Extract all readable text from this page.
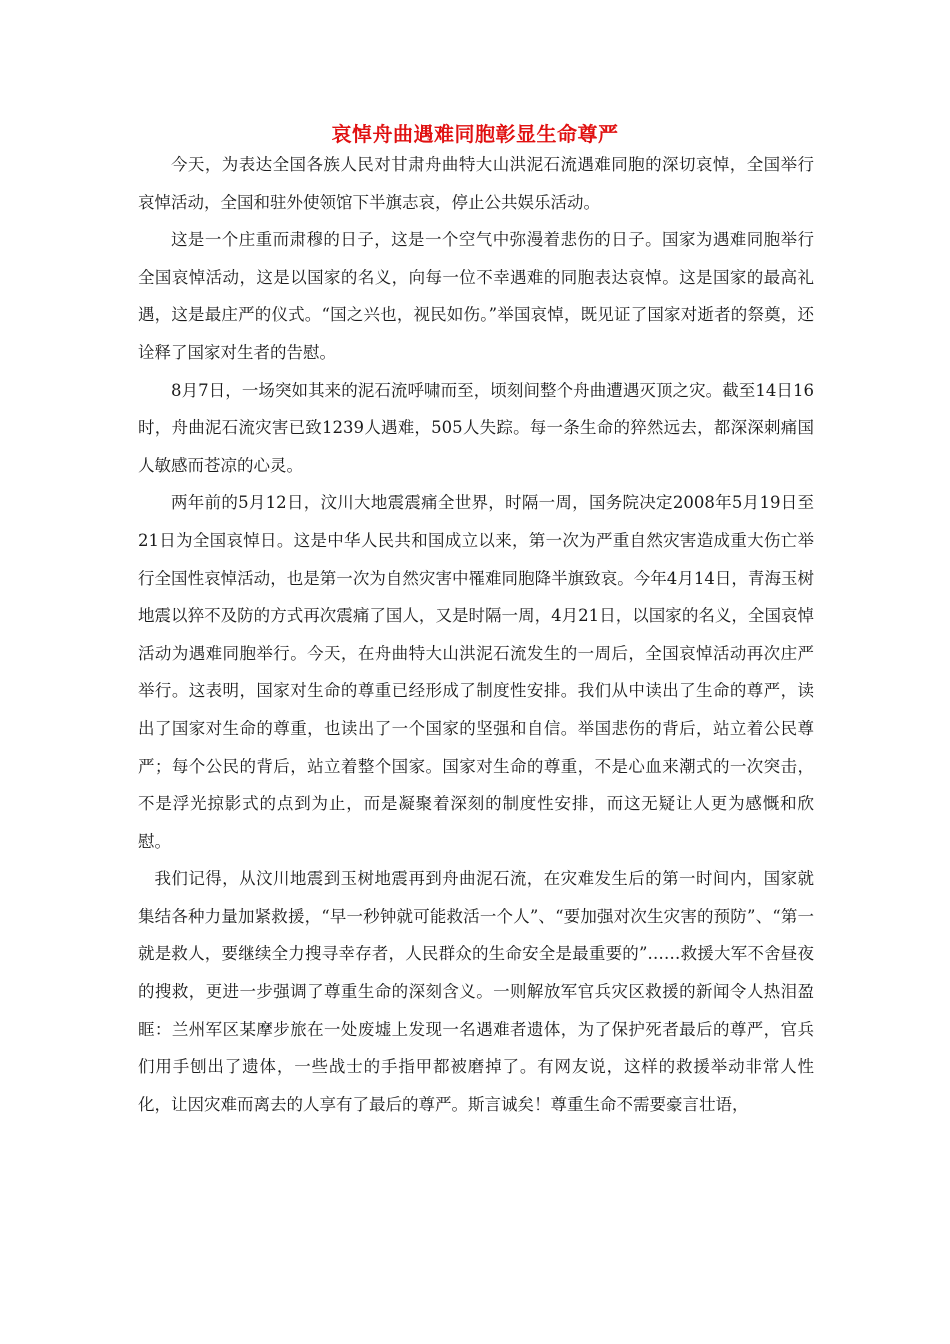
哀悼舟曲遇难同胞彰显生命尊严

今天，为表达全国各族人民对甘肃舟曲特大山洪泥石流遇难同胞的深切哀悼，全国举行哀悼活动，全国和驻外使领馆下半旗志哀，停止公共娱乐活动。

这是一个庄重而肃穆的日子，这是一个空气中弥漫着悲伤的日子。国家为遇难同胞举行全国哀悼活动，这是以国家的名义，向每一位不幸遇难的同胞表达哀悼。这是国家的最高礼遇，这是最庄严的仪式。“国之兴也，视民如伤。”举国哀悼，既见证了国家对逝者的祭奠，还诠释了国家对生者的告慰。

8月7日，一场突如其来的泥石流呼啸而至，顷刻间整个舟曲遭遇灭顶之灾。截至14日16时，舟曲泥石流灾害已致1239人遇难，505人失踪。每一条生命的猝然远去，都深深刺痛国人敏感而苍凉的心灵。

两年前的5月12日，汶川大地震震痛全世界，时隔一周，国务院决定2008年5月19日至21日为全国哀悼日。这是中华人民共和国成立以来，第一次为严重自然灾害造成重大伤亡举行全国性哀悼活动，也是第一次为自然灾害中罹难同胞降半旗致哀。今年4月14日，青海玉树地震以猝不及防的方式再次震痛了国人，又是时隔一周，4月21日，以国家的名义，全国哀悼活动为遇难同胞举行。今天，在舟曲特大山洪泥石流发生的一周后，全国哀悼活动再次庄严举行。这表明，国家对生命的尊重已经形成了制度性安排。我们从中读出了生命的尊严，读出了国家对生命的尊重，也读出了一个国家的坚强和自信。举国悲伤的背后，站立着公民尊严；每个公民的背后，站立着整个国家。国家对生命的尊重，不是心血来潮式的一次突击，不是浮光掠影式的点到为止，而是凝聚着深刻的制度性安排，而这无疑让人更为感慨和欣慰。

我们记得，从汶川地震到玉树地震再到舟曲泥石流，在灾难发生后的第一时间内，国家就集结各种力量加紧救援，“早一秒钟就可能救活一个人”、“要加强对次生灾害的预防”、“第一就是救人，要继续全力搜寻幸存者，人民群众的生命安全是最重要的”……救援大军不舍昼夜的搜救，更进一步强调了尊重生命的深刻含义。一则解放军官兵灾区救援的新闻令人热泪盈眶：兰州军区某摩步旅在一处废墟上发现一名遇难者遗体，为了保护死者最后的尊严，官兵们用手刨出了遗体，一些战士的手指甲都被磨掉了。有网友说，这样的救援举动非常人性化，让因灾难而离去的人享有了最后的尊严。斯言诚矣！尊重生命不需要豪言壮语，
